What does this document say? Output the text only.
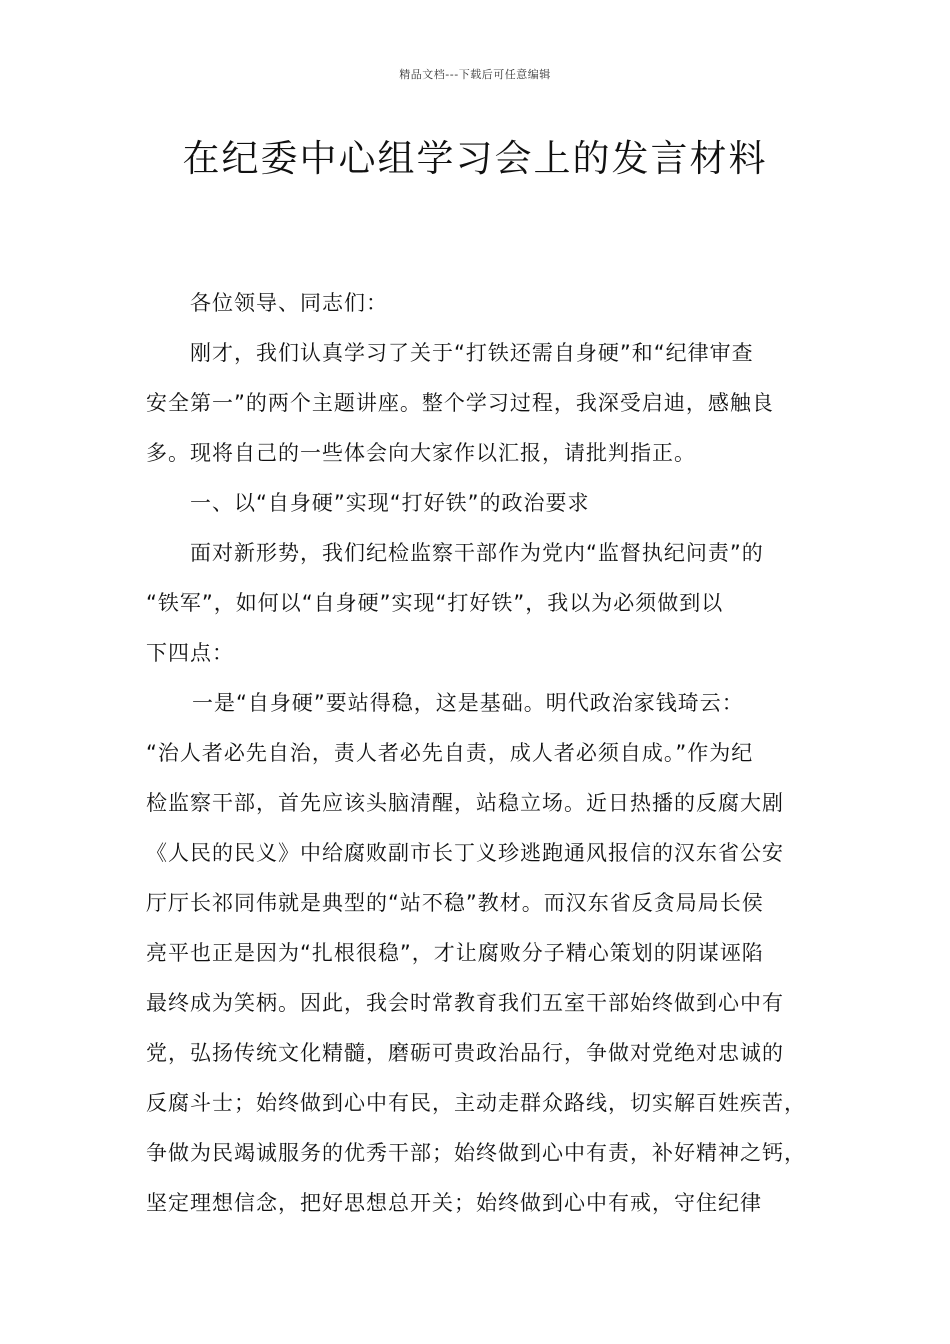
精品文档---下载后可任意编辑
在纪委中心组学习会上的发言材料
各位领导、同志们：
刚才，我们认真学习了关于“打铁还需自身硬”和“纪律审查
安全第一”的两个主题讲座。整个学习过程，我深受启迪，感触良
多。现将自己的一些体会向大家作以汇报，请批判指正。
一、以“自身硬”实现“打好铁”的政治要求
面对新形势，我们纪检监察干部作为党内“监督执纪问责”的
“铁军”，如何以“自身硬”实现“打好铁”，我以为必须做到以
下四点：
一是“自身硬”要站得稳，这是基础。明代政治家钱琦云：
“治人者必先自治，责人者必先自责，成人者必须自成。”作为纪
检监察干部，首先应该头脑清醒，站稳立场。近日热播的反腐大剧
《人民的民义》中给腐败副市长丁义珍逃跑通风报信的汉东省公安
厅厅长祁同伟就是典型的“站不稳”教材。而汉东省反贪局局长侯
亮平也正是因为“扎根很稳”，才让腐败分子精心策划的阴谋诬陷
最终成为笑柄。因此，我会时常教育我们五室干部始终做到心中有
党，弘扬传统文化精髓，磨砺可贵政治品行，争做对党绝对忠诚的
反腐斗士；始终做到心中有民，主动走群众路线，切实解百姓疾苦，
争做为民竭诚服务的优秀干部；始终做到心中有责，补好精神之钙，
坚定理想信念，把好思想总开关；始终做到心中有戒，守住纪律
